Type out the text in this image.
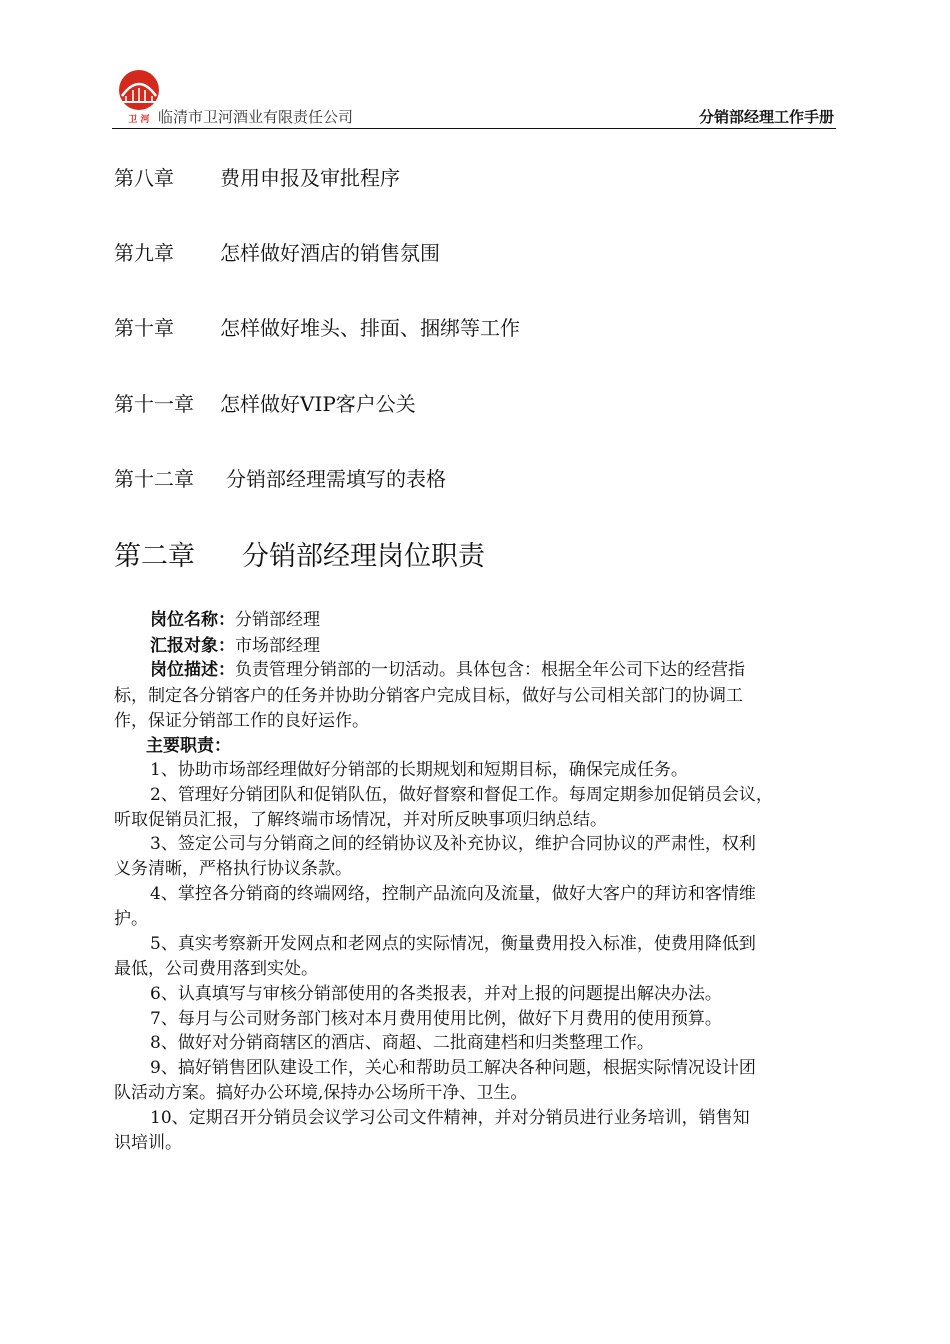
卫 河 临清市卫河酒业有限责任公司	分销部经理工作手册
第八章 费用申报及审批程序
第九章 怎样做好酒店的销售氛围
第十章 怎样做好堆头、排面、捆绑等工作
第十一章 怎样做好VIP客户公关
第十二章 分销部经理需填写的表格
第二章 分销部经理岗位职责
岗位名称：分销部经理
汇报对象：市场部经理
岗位描述：负责管理分销部的一切活动。具体包含：根据全年公司下达的经营指
标，制定各分销客户的任务并协助分销客户完成目标，做好与公司相关部门的协调工
作，保证分销部工作的良好运作。
主要职责：
1、协助市场部经理做好分销部的长期规划和短期目标，确保完成任务。
2、管理好分销团队和促销队伍，做好督察和督促工作。每周定期参加促销员会议，
听取促销员汇报，了解终端市场情况，并对所反映事项归纳总结。
3、签定公司与分销商之间的经销协议及补充协议，维护合同协议的严肃性，权利
义务清晰，严格执行协议条款。
4、掌控各分销商的终端网络，控制产品流向及流量，做好大客户的拜访和客情维
护。
5、真实考察新开发网点和老网点的实际情况，衡量费用投入标准，使费用降低到
最低，公司费用落到实处。
6、认真填写与审核分销部使用的各类报表，并对上报的问题提出解决办法。
7、每月与公司财务部门核对本月费用使用比例，做好下月费用的使用预算。
8、做好对分销商辖区的酒店、商超、二批商建档和归类整理工作。
9、搞好销售团队建设工作，关心和帮助员工解决各种问题，根据实际情况设计团
队活动方案。搞好办公环境,保持办公场所干净、卫生。
10、定期召开分销员会议学习公司文件精神，并对分销员进行业务培训，销售知
识培训。
